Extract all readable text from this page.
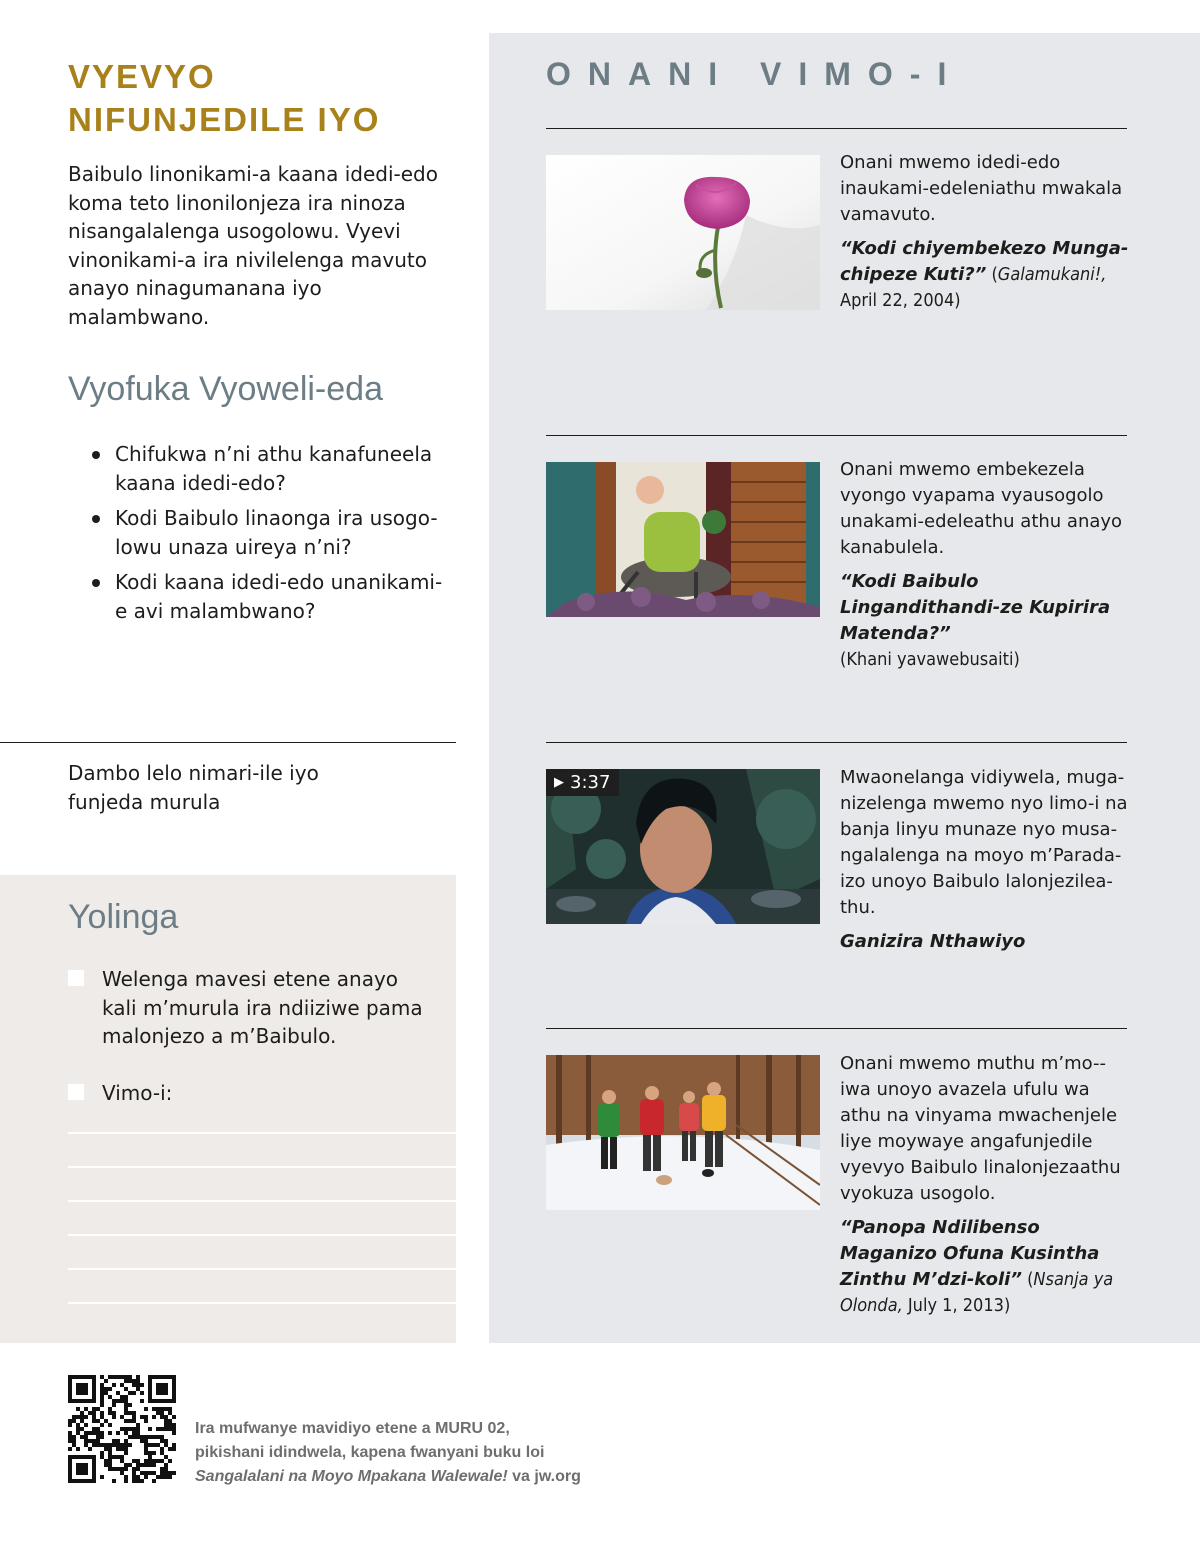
VYEVYO
NIFUNJEDILE IYO
Baibulo linonikami-a kaana idedi-edo koma teto linonilonjeza ira ninoza nisangalalenga usogolowu. Vyevi vinonikami-a ira nivilelenga mavuto anayo ninagumanana iyo malambwano.
Vyofuka Vyoweli-eda
Chifukwa n’ni athu kanafuneela kaana idedi-edo?
Kodi Baibulo linaonga ira usogo-lowu unaza uireya n’ni?
Kodi kaana idedi-edo unanikami-e avi malambwano?
Dambo lelo nimari-ile iyo funjeda murula
Yolinga
Welenga mavesi etene anayo kali m’murula ira ndiiziwe pama malonjezo a m’Baibulo.
Vimo-i:
ONANI VIMO-I
Onani mwemo idedi-edo inaukami-edeleniathu mwakala vamavuto.
“Kodi chiyembekezo Munga-chipeze Kuti?” (Galamukani!, April 22, 2004)
Onani mwemo embekezela vyongo vyapama vyausogolo unakami-edeleathu athu anayo kanabulela.
“Kodi Baibulo Lingandithandi-ze Kupirira Matenda?”
(Khani yavawebusaiti)
▶ 3:37	Mwaonelanga vidiywela, muga-nizelenga mwemo nyo limo-i na banja linyu munaze nyo musa-ngalalenga na moyo m’Parada-izo unoyo Baibulo lalonjezilea-thu.
Ganizira Nthawiyo
Onani mwemo muthu m’mo--iwa unoyo avazela ufulu wa athu na vinyama mwachenjele liye moywaye angafunjedile vyevyo Baibulo linalonjezaathu vyokuza usogolo.
“Panopa Ndilibenso Maganizo Ofuna Kusintha Zinthu M’dzi-koli” (Nsanja ya Olonda, July 1, 2013)
Ira mufwanye mavidiyo etene a MURU 02,
pikishani idindwela, kapena fwanyani buku loi
Sangalalani na Moyo Mpakana Walewale! va jw.org
